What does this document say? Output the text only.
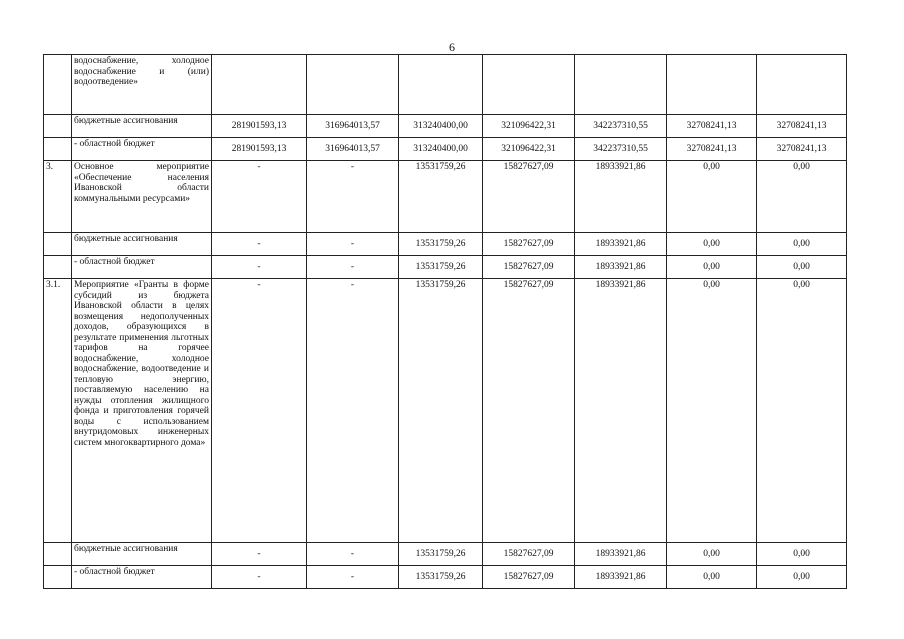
6
	водоснабжение, холодное водоснабжение и (или) водоотведение»							
	бюджетные ассигнования	281901593,13	316964013,57	313240400,00	321096422,31	342237310,55	32708241,13	32708241,13
	- областной бюджет	281901593,13	316964013,57	313240400,00	321096422,31	342237310,55	32708241,13	32708241,13
3.	Основное мероприятие «Обеспечение населения Ивановской области коммунальными ресурсами»	-	-	13531759,26	15827627,09	18933921,86	0,00	0,00
	бюджетные ассигнования	-	-	13531759,26	15827627,09	18933921,86	0,00	0,00
	- областной бюджет	-	-	13531759,26	15827627,09	18933921,86	0,00	0,00
3.1.	Мероприятие «Гранты в форме субсидий из бюджета Ивановской области в целях возмещения недополученных доходов, образующихся в результате применения льготных тарифов на горячее водоснабжение, холодное водоснабжение, водоотведение и тепловую энергию, поставляемую населению на нужды отопления жилищного фонда и приготовления горячей воды с использованием внутридомовых инженерных систем многоквартирного дома»	-	-	13531759,26	15827627,09	18933921,86	0,00	0,00
	бюджетные ассигнования	-	-	13531759,26	15827627,09	18933921,86	0,00	0,00
	- областной бюджет	-	-	13531759,26	15827627,09	18933921,86	0,00	0,00
